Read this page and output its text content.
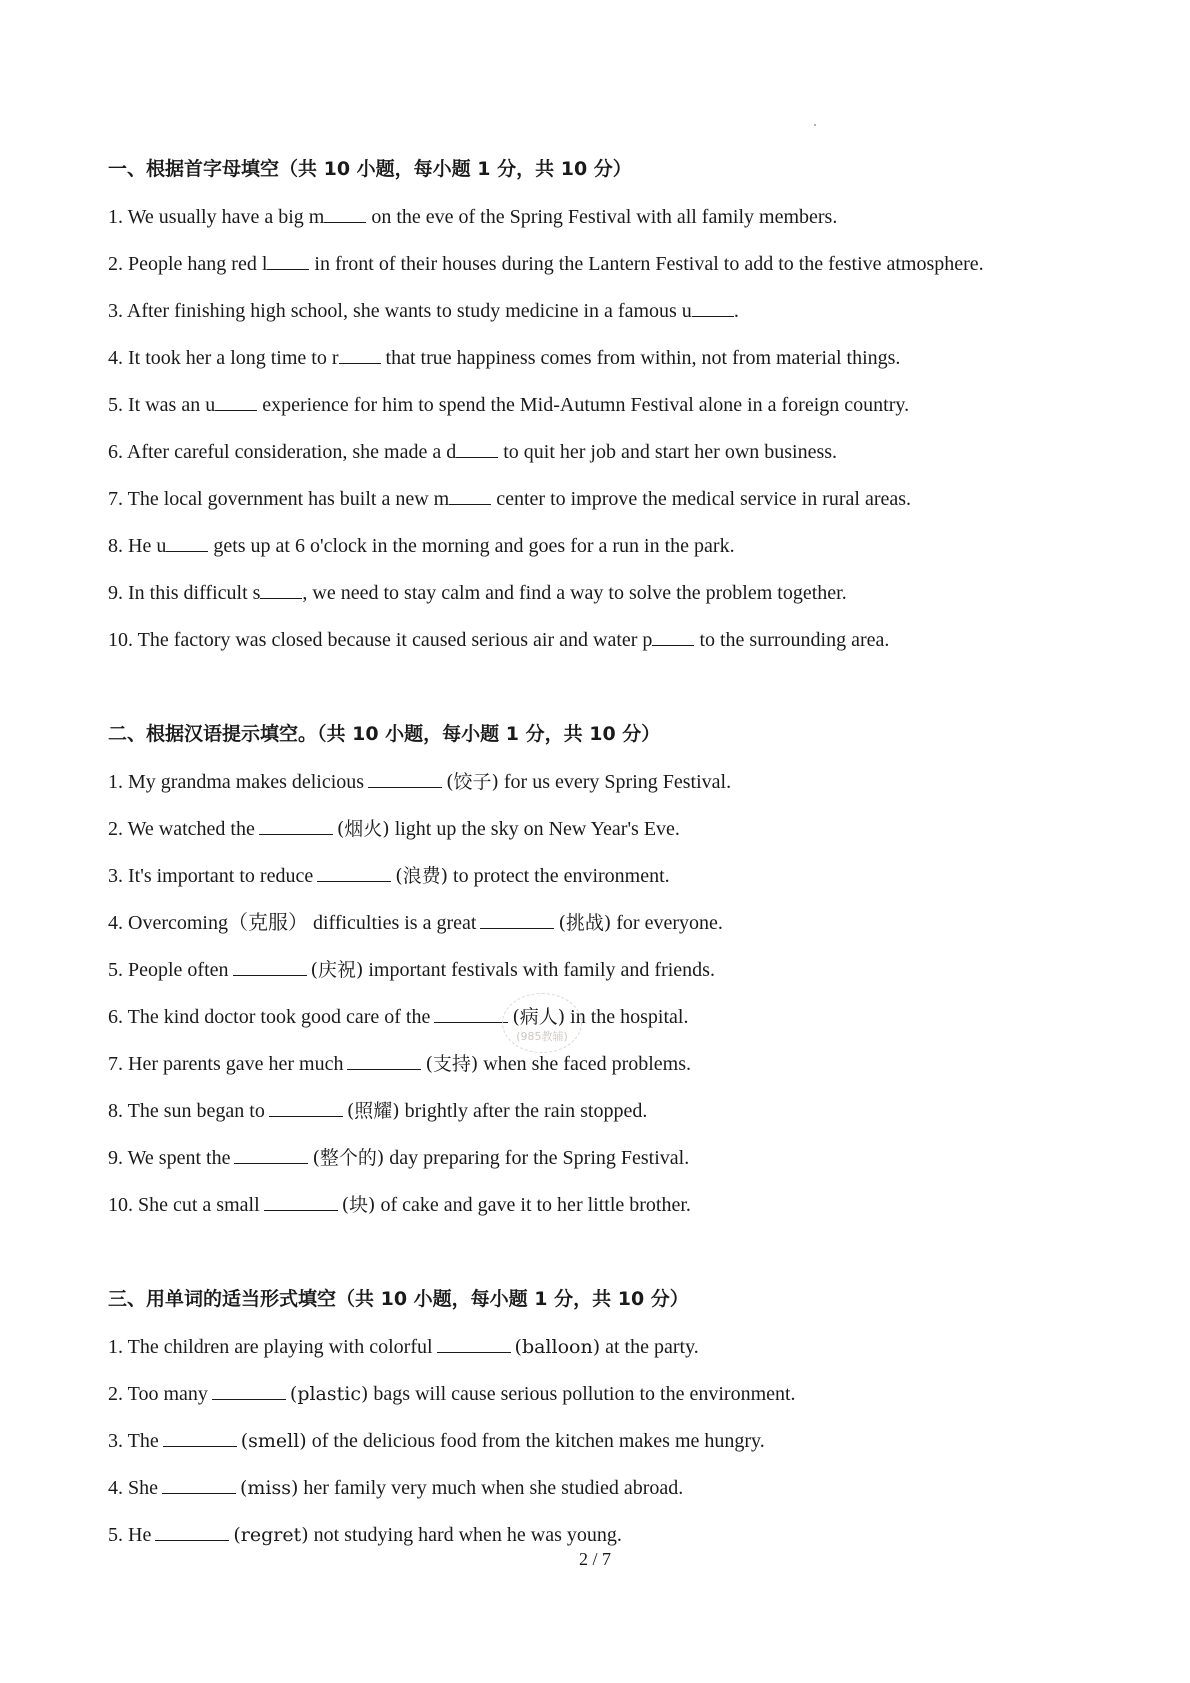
一、根据首字母填空（共 10 小题，每小题 1 分，共 10 分）
1. We usually have a big m on the eve of the Spring Festival with all family members.
2. People hang red l in front of their houses during the Lantern Festival to add to the festive atmosphere.
3. After finishing high school, she wants to study medicine in a famous u .
4. It took her a long time to r that true happiness comes from within, not from material things.
5. It was an u experience for him to spend the Mid-Autumn Festival alone in a foreign country.
6. After careful consideration, she made a d to quit her job and start her own business.
7. The local government has built a new m center to improve the medical service in rural areas.
8. He u gets up at 6 o'clock in the morning and goes for a run in the park.
9. In this difficult s , we need to stay calm and find a way to solve the problem together.
10. The factory was closed because it caused serious air and water p to the surrounding area.
二、根据汉语提示填空。（共 10 小题，每小题 1 分，共 10 分）
1. My grandma makes delicious	(饺子) for us every Spring Festival.
2. We watched the	(烟火) light up the sky on New Year's Eve.
3. It's important to reduce	(浪费) to protect the environment.
4. Overcoming（克服） difficulties is a great	(挑战) for everyone.
5. People often	(庆祝) important festivals with family and friends.
6. The kind doctor took good care of the	(病人) in the hospital.
7. Her parents gave her much	(支持) when she faced problems.
8. The sun began to	(照耀) brightly after the rain stopped.
9. We spent the	(整个的) day preparing for the Spring Festival.
10. She cut a small	(块) of cake and gave it to her little brother.
三、用单词的适当形式填空（共 10 小题，每小题 1 分，共 10 分）
1. The children are playing with colorful	(balloon) at the party.
2. Too many	(plastic) bags will cause serious pollution to the environment.
3. The	(smell) of the delicious food from the kitchen makes me hungry.
4. She	(miss) her family very much when she studied abroad.
5. He	(regret) not studying hard when he was young.
(985教辅)
2 / 7
